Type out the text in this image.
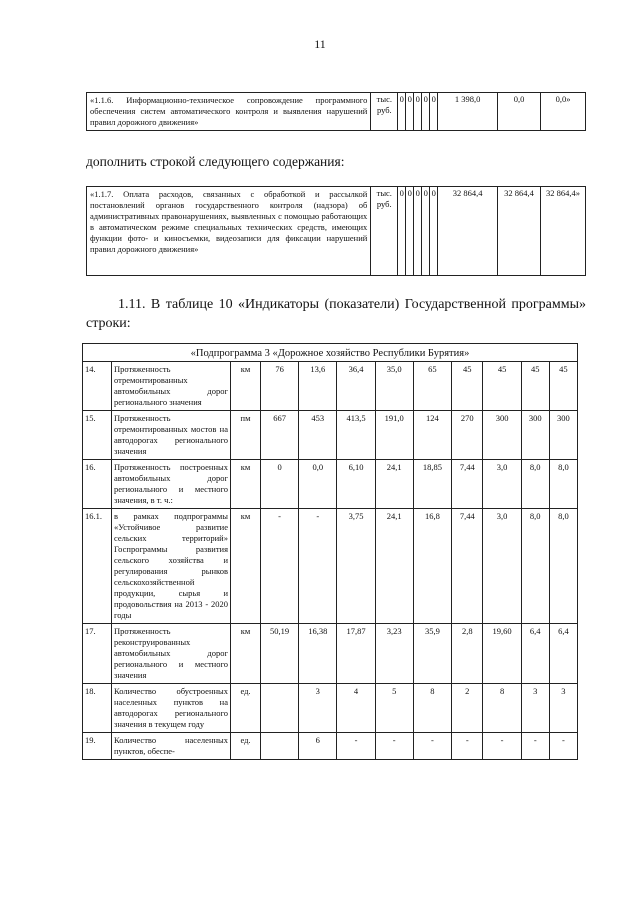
11
«1.1.6. Информационно-техническое сопровождение программного обеспечения систем автоматического контроля и выявления нарушений правил дорожного движения»	тыс. руб.	0	0	0	0	0	1 398,0	0,0	0,0»
дополнить строкой следующего содержания:
«1.1.7. Оплата расходов, связанных с обработкой и рассылкой постановлений органов государственного контроля (надзора) об административных правонарушениях, выявленных с помощью работающих в автоматическом режиме специальных технических средств, имеющих функции фото- и киносъемки, видеозаписи для фиксации нарушений правил дорожного движения»	тыс. руб.	0	0	0	0	0	32 864,4	32 864,4	32 864,4»

1.11. В таблице 10 «Индикаторы (показатели) Государственной программы» строки:

«Подпрограмма 3 «Дорожное хозяйство Республики Бурятия»											
14.	Протяженность отремонтированных автомобильных дорог регионального значения	км	76	13,6	36,4	35,0	65	45	45	45	45
15.	Протяженность отремонтированных мостов на автодорогах регионального значения	пм	667	453	413,5	191,0	124	270	300	300	300
16.	Протяженность построенных автомобильных дорог регионального и местного значения, в т. ч.:	км	0	0,0	6,10	24,1	18,85	7,44	3,0	8,0	8,0
16.1.	в рамках подпрограммы «Устойчивое развитие сельских территорий» Госпрограммы развития сельского хозяйства и регулирования рынков сельскохозяйственной продукции, сырья и продовольствия на 2013 - 2020 годы	км	-	-	3,75	24,1	16,8	7,44	3,0	8,0	8,0
17.	Протяженность реконструированных автомобильных дорог регионального и местного значения	км	50,19	16,38	17,87	3,23	35,9	2,8	19,60	6,4	6,4
18.	Количество обустроенных населенных пунктов на автодорогах регионального значения в текущем году	ед.		3	4	5	8	2	8	3	3
19.	Количество населенных пунктов, обеспе-	ед.		6	-	-	-	-	-	-	-
